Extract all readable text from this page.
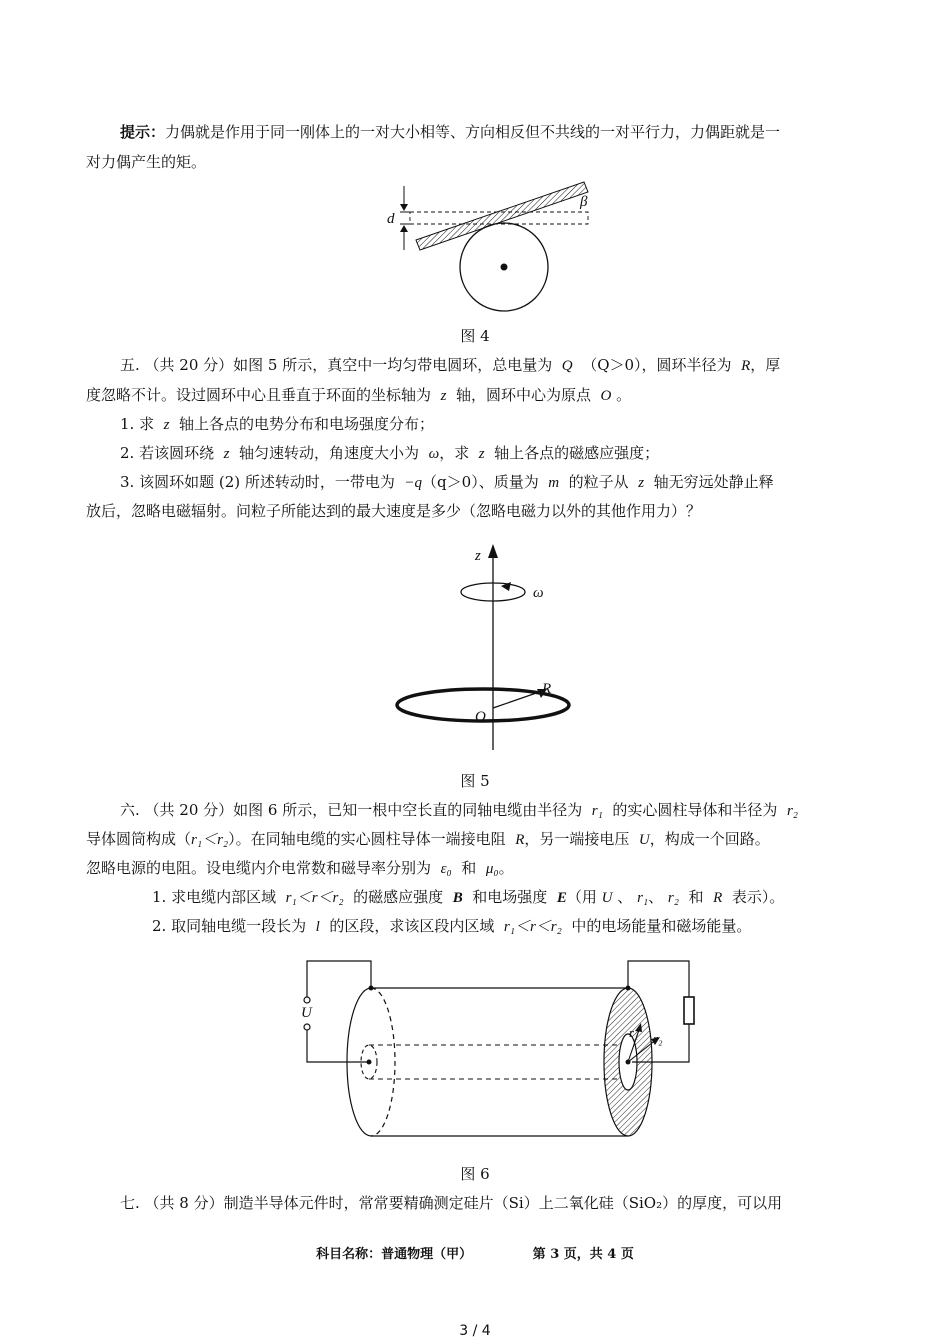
提示：力偶就是作用于同一刚体上的一对大小相等、方向相反但不共线的一对平行力，力偶距就是一
对力偶产生的矩。
d
β
图 4
五. （共 20 分）如图 5 所示，真空中一均匀带电圆环，总电量为 Q （Q＞0），圆环半径为 R，厚
度忽略不计。设过圆环中心且垂直于环面的坐标轴为 z 轴，圆环中心为原点 O 。
1. 求 z 轴上各点的电势分布和电场强度分布；
2. 若该圆环绕 z 轴匀速转动，角速度大小为 ω，求 z 轴上各点的磁感应强度；
3. 该圆环如题 (2) 所述转动时，一带电为 −q（q＞0）、质量为 m 的粒子从 z 轴无穷远处静止释
放后，忽略电磁辐射。问粒子所能达到的最大速度是多少（忽略电磁力以外的其他作用力）？
z
ω
R
O
图 5
六. （共 20 分）如图 6 所示，已知一根中空长直的同轴电缆由半径为 r₁ 的实心圆柱导体和半径为 r₂
导体圆筒构成（r₁＜r₂）。在同轴电缆的实心圆柱导体一端接电阻 R，另一端接电压 U，构成一个回路。
忽略电源的电阻。设电缆内介电常数和磁导率分别为 ε₀ 和 μ₀。
1. 求电缆内部区域 r₁＜r＜r₂ 的磁感应强度 B 和电场强度 E（用 U 、 r₁、 r₂ 和 R 表示）。
2. 取同轴电缆一段长为 l 的区段，求该区段内区域 r₁＜r＜r₂ 中的电场能量和磁场能量。
U
r₁ r₂
图 6
七. （共 8 分）制造半导体元件时，常常要精确测定硅片（Si）上二氧化硅（SiO₂）的厚度，可以用
科目名称：普通物理（甲）	第 3 页，共 4 页
3 / 4
